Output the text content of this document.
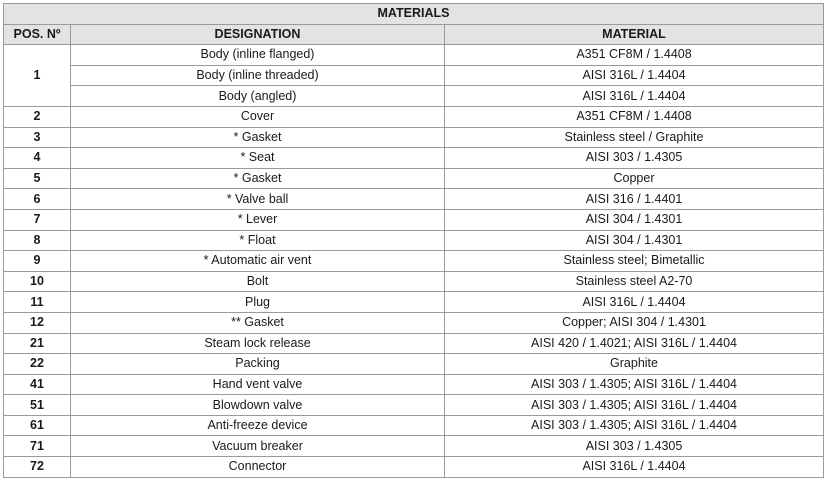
MATERIALS		
POS. Nº	DESIGNATION	MATERIAL
1	Body (inline flanged)	A351 CF8M / 1.4408
	Body (inline threaded)	AISI 316L / 1.4404
	Body (angled)	AISI 316L / 1.4404
2	Cover	A351 CF8M / 1.4408
3	* Gasket	Stainless steel / Graphite
4	* Seat	AISI 303 / 1.4305
5	* Gasket	Copper
6	* Valve ball	AISI 316 / 1.4401
7	* Lever	AISI 304 / 1.4301
8	* Float	AISI 304 / 1.4301
9	* Automatic air vent	Stainless steel; Bimetallic
10	Bolt	Stainless steel A2-70
11	Plug	AISI 316L / 1.4404
12	** Gasket	Copper; AISI 304 / 1.4301
21	Steam lock release	AISI 420 / 1.4021; AISI 316L / 1.4404
22	Packing	Graphite
41	Hand vent valve	AISI 303 / 1.4305; AISI 316L / 1.4404
51	Blowdown valve	AISI 303 / 1.4305; AISI 316L / 1.4404
61	Anti-freeze device	AISI 303 / 1.4305; AISI 316L / 1.4404
71	Vacuum breaker	AISI 303 / 1.4305
72	Connector	AISI 316L / 1.4404
